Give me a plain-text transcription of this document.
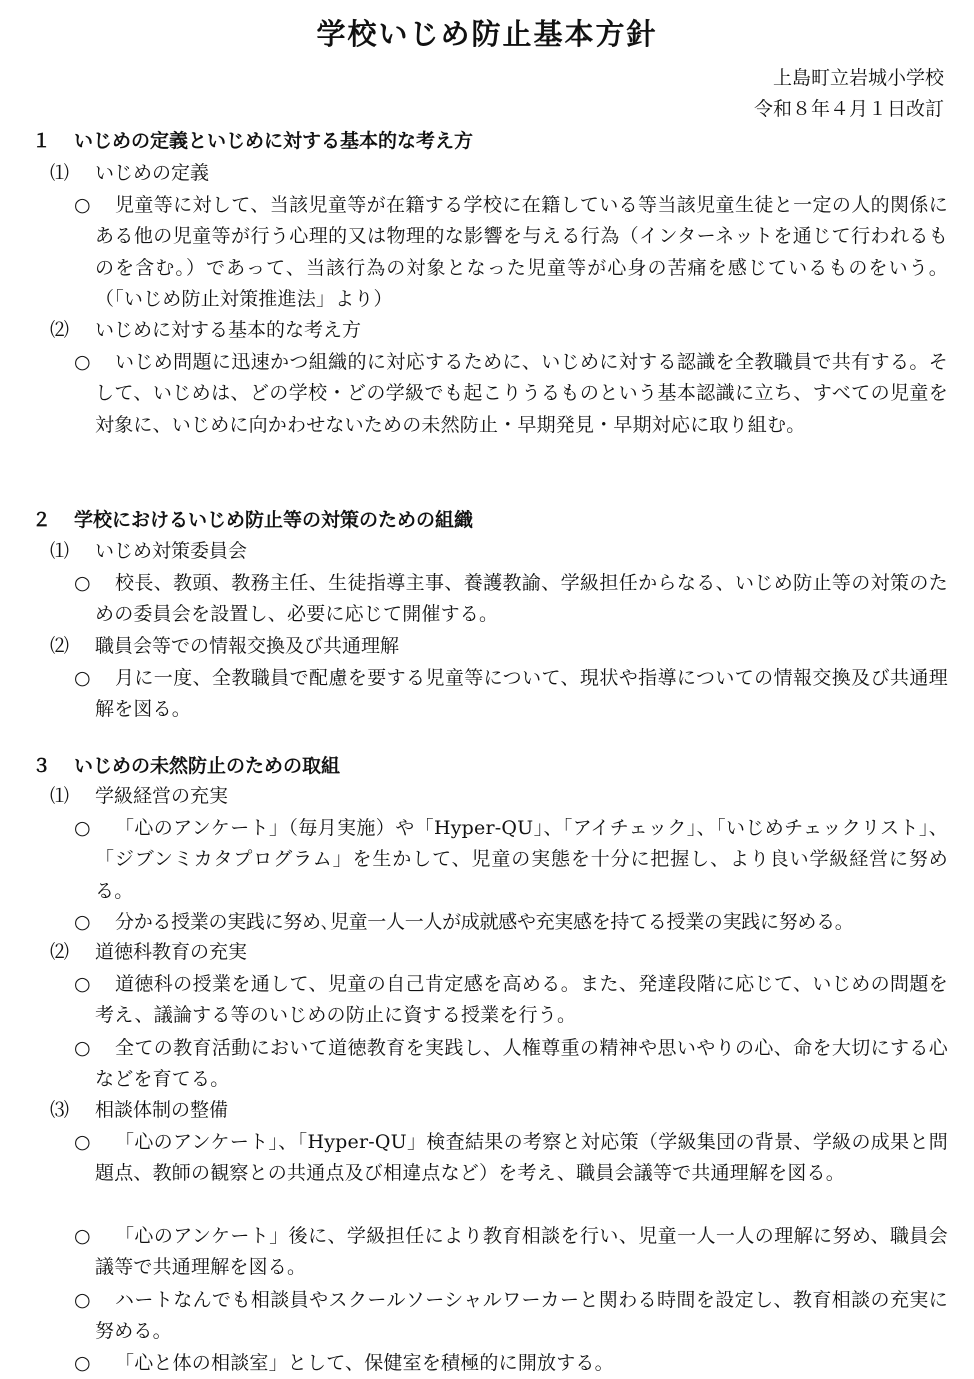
学校いじめ防止基本方針
上島町立岩城小学校
令和８年４月１日改訂
１ いじめの定義といじめに対する基本的な考え方
⑴ いじめの定義
○	児童等に対して、当該児童等が在籍する学校に在籍している等当該児童生徒と一定の人的関係にある他の児童等が行う心理的又は物理的な影響を与える行為（インターネットを通じて行われるものを含む。）であって、当該行為の対象となった児童等が心身の苦痛を感じているものをいう。（「いじめ防止対策推進法」より）
⑵ いじめに対する基本的な考え方
○	いじめ問題に迅速かつ組織的に対応するために、いじめに対する認識を全教職員で共有する。そして、いじめは、どの学校・どの学級でも起こりうるものという基本認識に立ち、すべての児童を対象に、いじめに向かわせないための未然防止・早期発見・早期対応に取り組む。
２ 学校におけるいじめ防止等の対策のための組織
⑴ いじめ対策委員会
○	校長、教頭、教務主任、生徒指導主事、養護教諭、学級担任からなる、いじめ防止等の対策のための委員会を設置し、必要に応じて開催する。
⑵ 職員会等での情報交換及び共通理解
○	月に一度、全教職員で配慮を要する児童等について、現状や指導についての情報交換及び共通理解を図る。
３ いじめの未然防止のための取組
⑴ 学級経営の充実
○	「心のアンケート」（毎月実施）や「Hyper-QU」、「アイチェック」、「いじめチェックリスト」、「ジブンミカタプログラム」を生かして、児童の実態を十分に把握し、より良い学級経営に努める。
○	分かる授業の実践に努め､児童一人一人が成就感や充実感を持てる授業の実践に努める。
⑵ 道徳科教育の充実
○	道徳科の授業を通して、児童の自己肯定感を高める。また、発達段階に応じて、いじめの問題を考え、議論する等のいじめの防止に資する授業を行う。
○	全ての教育活動において道徳教育を実践し、人権尊重の精神や思いやりの心、命を大切にする心などを育てる。
⑶ 相談体制の整備
○	「心のアンケート」、「Hyper-QU」検査結果の考察と対応策（学級集団の背景、学級の成果と問題点、教師の観察との共通点及び相違点など）を考え、職員会議等で共通理解を図る。
○	「心のアンケート」後に、学級担任により教育相談を行い、児童一人一人の理解に努め、職員会議等で共通理解を図る。
○	ハートなんでも相談員やスクールソーシャルワーカーと関わる時間を設定し、教育相談の充実に努める。
○	「心と体の相談室」として、保健室を積極的に開放する。
